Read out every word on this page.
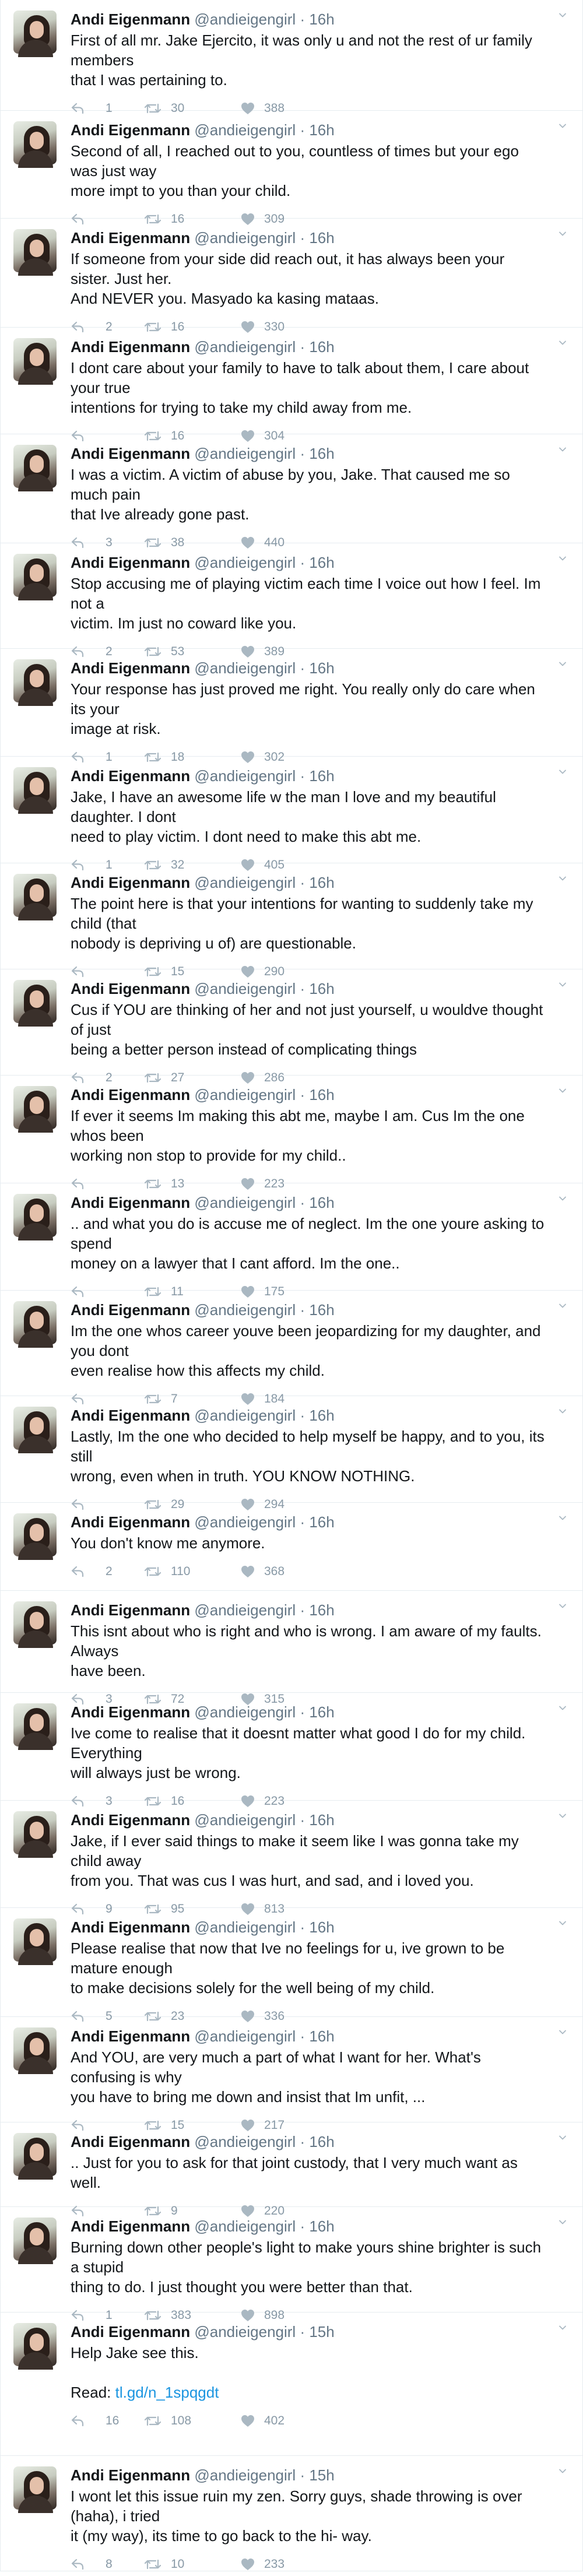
Andi Eigenmann @andieigengirl · 16h
First of all mr. Jake Ejercito, it was only u and not the rest of ur family members
that I was pertaining to.
1	30	388
Andi Eigenmann @andieigengirl · 16h
Second of all, I reached out to you, countless of times but your ego was just way
more impt to you than your child.
16	309
Andi Eigenmann @andieigengirl · 16h
If someone from your side did reach out, it has always been your sister. Just her.
And NEVER you. Masyado ka kasing mataas.
2	16	330
Andi Eigenmann @andieigengirl · 16h
I dont care about your family to have to talk about them, I care about your true
intentions for trying to take my child away from me.
16	304
Andi Eigenmann @andieigengirl · 16h
I was a victim. A victim of abuse by you, Jake. That caused me so much pain
that Ive already gone past.
3	38	440
Andi Eigenmann @andieigengirl · 16h
Stop accusing me of playing victim each time I voice out how I feel. Im not a
victim. Im just no coward like you.
2	53	389
Andi Eigenmann @andieigengirl · 16h
Your response has just proved me right. You really only do care when its your
image at risk.
1	18	302
Andi Eigenmann @andieigengirl · 16h
Jake, I have an awesome life w the man I love and my beautiful daughter. I dont
need to play victim. I dont need to make this abt me.
1	32	405
Andi Eigenmann @andieigengirl · 16h
The point here is that your intentions for wanting to suddenly take my child (that
nobody is depriving u of) are questionable.
15	290
Andi Eigenmann @andieigengirl · 16h
Cus if YOU are thinking of her and not just yourself, u wouldve thought of just
being a better person instead of complicating things
2	27	286
Andi Eigenmann @andieigengirl · 16h
If ever it seems Im making this abt me, maybe I am. Cus Im the one whos been
working non stop to provide for my child..
13	223
Andi Eigenmann @andieigengirl · 16h
.. and what you do is accuse me of neglect. Im the one youre asking to spend
money on a lawyer that I cant afford. Im the one..
11	175
Andi Eigenmann @andieigengirl · 16h
Im the one whos career youve been jeopardizing for my daughter, and you dont
even realise how this affects my child.
7	184
Andi Eigenmann @andieigengirl · 16h
Lastly, Im the one who decided to help myself be happy, and to you, its still
wrong, even when in truth. YOU KNOW NOTHING.
29	294
Andi Eigenmann @andieigengirl · 16h
You don't know me anymore.
2	110	368
Andi Eigenmann @andieigengirl · 16h
This isnt about who is right and who is wrong. I am aware of my faults. Always
have been.
3	72	315
Andi Eigenmann @andieigengirl · 16h
Ive come to realise that it doesnt matter what good I do for my child. Everything
will always just be wrong.
3	16	223
Andi Eigenmann @andieigengirl · 16h
Jake, if I ever said things to make it seem like I was gonna take my child away
from you. That was cus I was hurt, and sad, and i loved you.
9	95	813
Andi Eigenmann @andieigengirl · 16h
Please realise that now that Ive no feelings for u, ive grown to be mature enough
to make decisions solely for the well being of my child.
5	23	336
Andi Eigenmann @andieigengirl · 16h
And YOU, are very much a part of what I want for her. What's confusing is why
you have to bring me down and insist that Im unfit, ...
15	217
Andi Eigenmann @andieigengirl · 16h
.. Just for you to ask for that joint custody, that I very much want as well.
9	220
Andi Eigenmann @andieigengirl · 16h
Burning down other people's light to make yours shine brighter is such a stupid
thing to do. I just thought you were better than that.
1	383	898
Andi Eigenmann @andieigengirl · 15h
Help Jake see this.
Read: tl.gd/n_1spqgdt
16	108	402
Andi Eigenmann @andieigengirl · 15h
I wont let this issue ruin my zen. Sorry guys, shade throwing is over (haha), i tried
it (my way), its time to go back to the hi- way.
8	10	233
